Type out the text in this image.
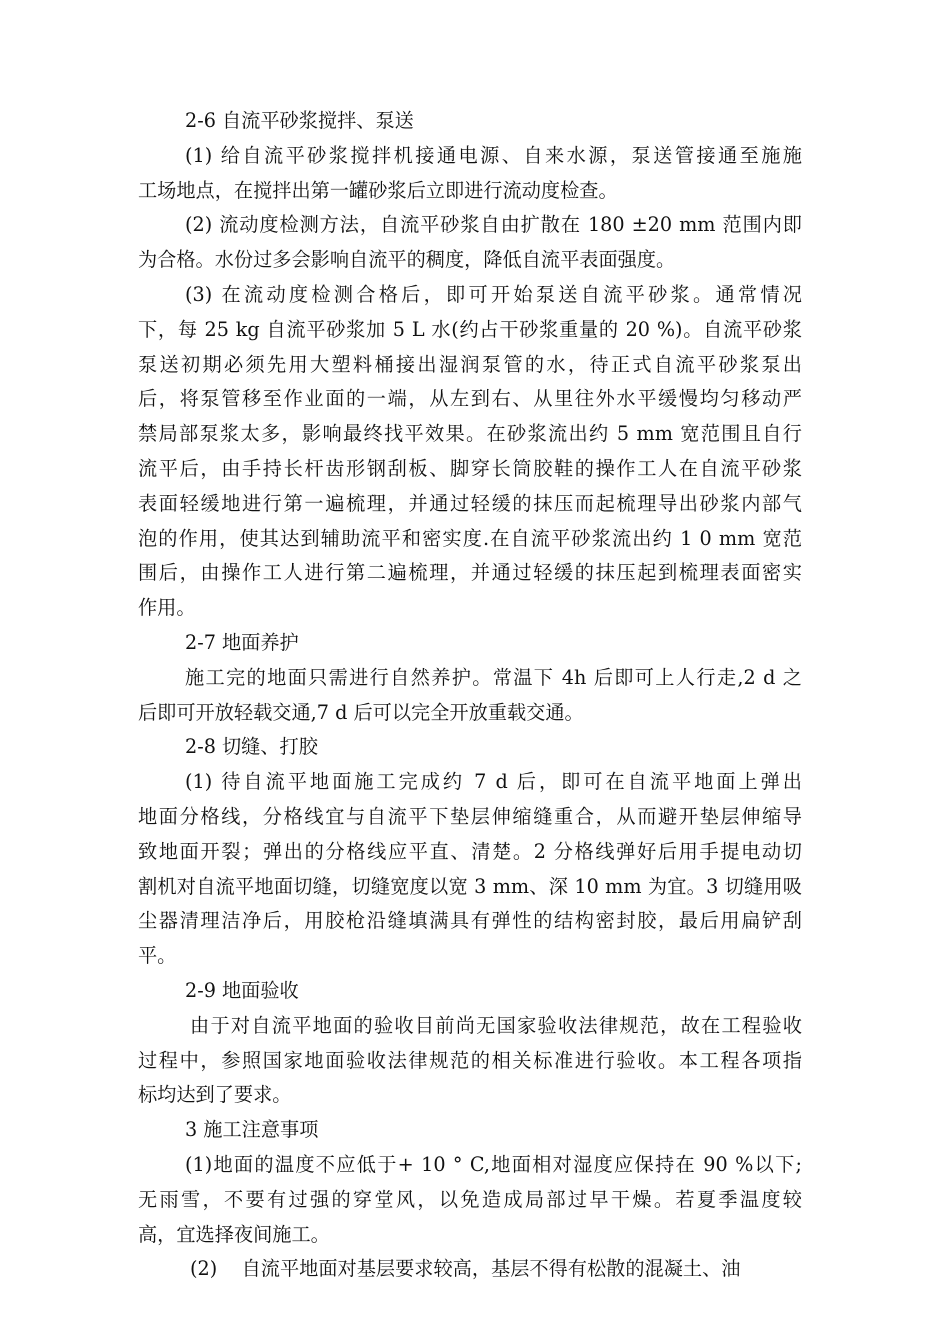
2-6 自流平砂浆搅拌、泵送
(1) 给自流平砂浆搅拌机接通电源、自来水源，泵送管接通至施施
工场地点，在搅拌出第一罐砂浆后立即进行流动度检查。
(2) 流动度检测方法，自流平砂浆自由扩散在 180 ±20 mm 范围内即
为合格。水份过多会影响自流平的稠度，降低自流平表面强度。
(3) 在流动度检测合格后，即可开始泵送自流平砂浆。通常情况
下，每 25 kg 自流平砂浆加 5 L 水(约占干砂浆重量的 20 %)。自流平砂浆
泵送初期必须先用大塑料桶接出湿润泵管的水，待正式自流平砂浆泵出
后，将泵管移至作业面的一端，从左到右、从里往外水平缓慢均匀移动严
禁局部泵浆太多，影响最终找平效果。在砂浆流出约 5 mm 宽范围且自行
流平后，由手持长杆齿形钢刮板、脚穿长筒胶鞋的操作工人在自流平砂浆
表面轻缓地进行第一遍梳理，并通过轻缓的抹压而起梳理导出砂浆内部气
泡的作用，使其达到辅助流平和密实度.在自流平砂浆流出约 1 0 mm 宽范
围后，由操作工人进行第二遍梳理，并通过轻缓的抹压起到梳理表面密实
作用。
2-7 地面养护
施工完的地面只需进行自然养护。常温下 4h 后即可上人行走,2 d 之
后即可开放轻载交通,7 d 后可以完全开放重载交通。
2-8 切缝、打胶
(1) 待自流平地面施工完成约 7 d 后，即可在自流平地面上弹出
地面分格线，分格线宜与自流平下垫层伸缩缝重合，从而避开垫层伸缩导
致地面开裂；弹出的分格线应平直、清楚。2 分格线弹好后用手提电动切
割机对自流平地面切缝，切缝宽度以宽 3 mm、深 10 mm 为宜。3 切缝用吸
尘器清理洁净后，用胶枪沿缝填满具有弹性的结构密封胶，最后用扁铲刮
平。
2-9 地面验收
由于对自流平地面的验收目前尚无国家验收法律规范，故在工程验收
过程中，参照国家地面验收法律规范的相关标准进行验收。本工程各项指
标均达到了要求。
3 施工注意事项
(1)地面的温度不应低于+ 10 ° C,地面相对湿度应保持在 90 %以下;
无雨雪，不要有过强的穿堂风，以免造成局部过早干燥。若夏季温度较
高，宜选择夜间施工。
(2)    自流平地面对基层要求较高，基层不得有松散的混凝土、油
